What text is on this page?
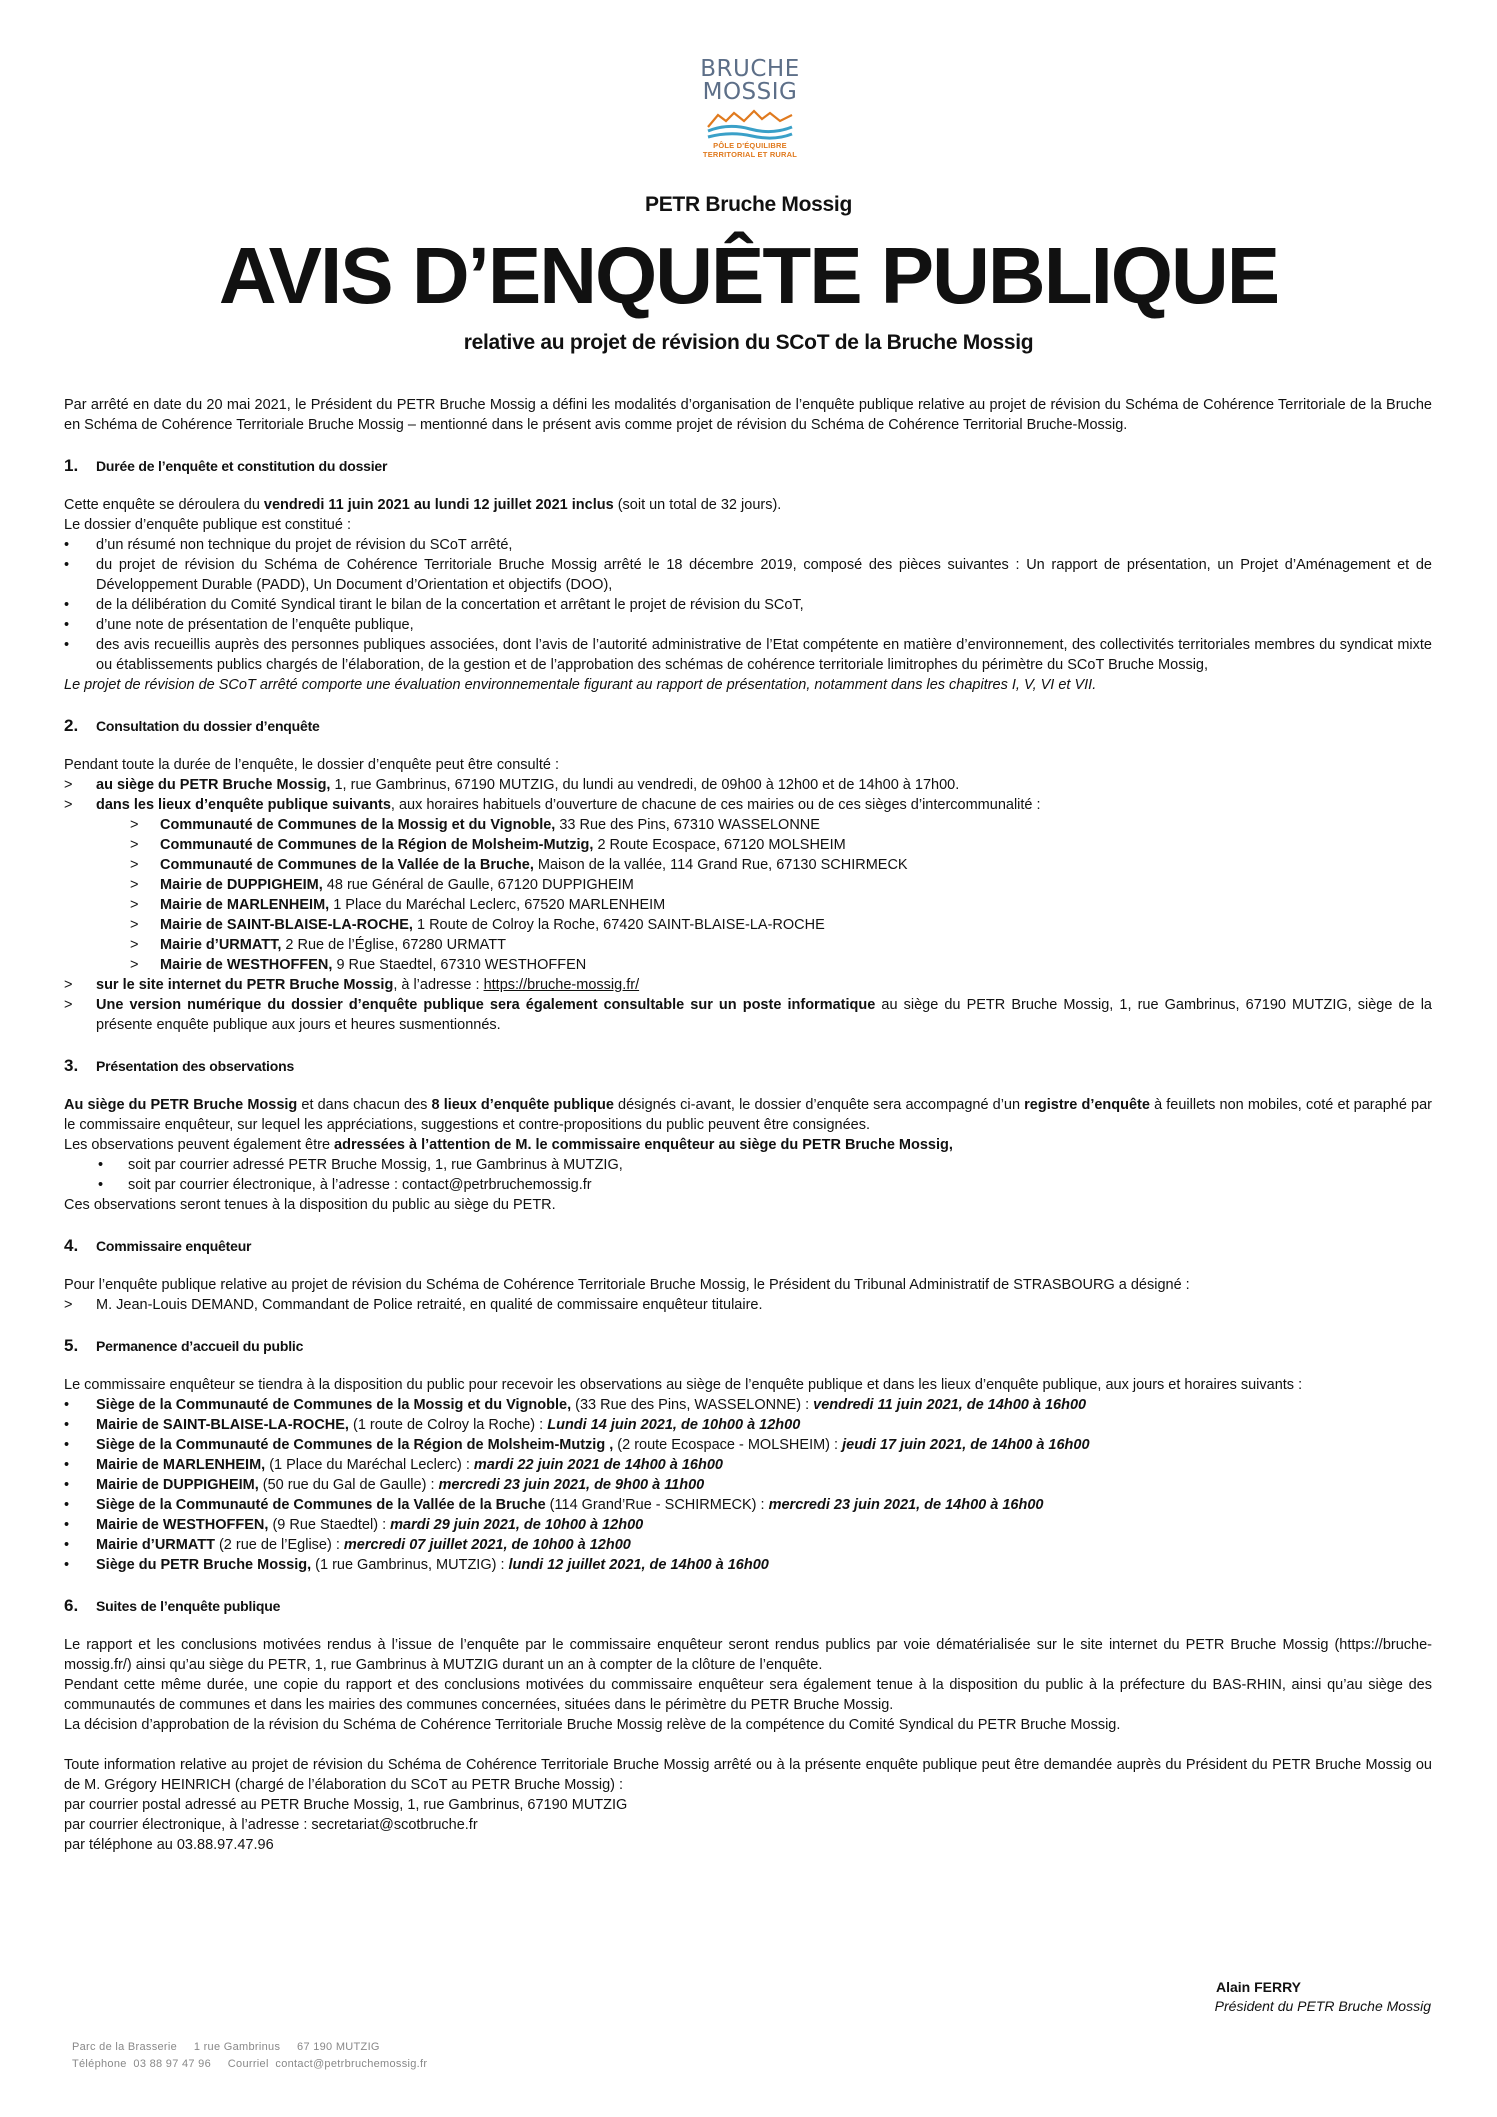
BRUCHE
MOSSIG
PÔLE D'ÉQUILIBRE
TERRITORIAL ET RURAL
PETR Bruche Mossig
AVIS D’ENQUÊTE PUBLIQUE
relative au projet de révision du SCoT de la Bruche Mossig

Par arrêté en date du 20 mai 2021, le Président du PETR Bruche Mossig a défini les modalités d’organisation de l’enquête publique relative au projet de révision du Schéma de Cohérence Territoriale de la Bruche en Schéma de Cohérence Territoriale Bruche Mossig – mentionné dans le présent avis comme projet de révision du Schéma de Cohérence Territorial Bruche-Mossig.

1.	Durée de l’enquête et constitution du dossier

Cette enquête se déroulera du vendredi 11 juin 2021 au lundi 12 juillet 2021 inclus (soit un total de 32 jours).

Le dossier d’enquête publique est constitué :

• d’un résumé non technique du projet de révision du SCoT arrêté,
• du projet de révision du Schéma de Cohérence Territoriale Bruche Mossig arrêté le 18 décembre 2019, composé des pièces suivantes : Un rapport de présentation, un Projet d’Aménagement et de Développement Durable (PADD), Un Document d’Orientation et objectifs (DOO),
• de la délibération du Comité Syndical tirant le bilan de la concertation et arrêtant le projet de révision du SCoT,
• d’une note de présentation de l’enquête publique,
• des avis recueillis auprès des personnes publiques associées, dont l’avis de l’autorité administrative de l’Etat compétente en matière d’environnement, des collectivités territoriales membres du syndicat mixte ou établissements publics chargés de l’élaboration, de la gestion et de l’approbation des schémas de cohérence territoriale limitrophes du périmètre du SCoT Bruche Mossig,

Le projet de révision de SCoT arrêté comporte une évaluation environnementale figurant au rapport de présentation, notamment dans les chapitres I, V, VI et VII.

2.	Consultation du dossier d’enquête

Pendant toute la durée de l’enquête, le dossier d’enquête peut être consulté :

> au siège du PETR Bruche Mossig, 1, rue Gambrinus, 67190 MUTZIG, du lundi au vendredi, de 09h00 à 12h00 et de 14h00 à 17h00.
> dans les lieux d’enquête publique suivants, aux horaires habituels d’ouverture de chacune de ces mairies ou de ces sièges d’intercommunalité :
> Communauté de Communes de la Mossig et du Vignoble, 33 Rue des Pins, 67310 WASSELONNE
> Communauté de Communes de la Région de Molsheim-Mutzig, 2 Route Ecospace, 67120 MOLSHEIM
> Communauté de Communes de la Vallée de la Bruche, Maison de la vallée, 114 Grand Rue, 67130 SCHIRMECK
> Mairie de DUPPIGHEIM, 48 rue Général de Gaulle, 67120 DUPPIGHEIM
> Mairie de MARLENHEIM, 1 Place du Maréchal Leclerc, 67520 MARLENHEIM
> Mairie de SAINT-BLAISE-LA-ROCHE, 1 Route de Colroy la Roche, 67420 SAINT-BLAISE-LA-ROCHE
> Mairie d’URMATT, 2 Rue de l’Église, 67280 URMATT
> Mairie de WESTHOFFEN, 9 Rue Staedtel, 67310 WESTHOFFEN
> sur le site internet du PETR Bruche Mossig, à l’adresse : https://bruche-mossig.fr/
> Une version numérique du dossier d’enquête publique sera également consultable sur un poste informatique au siège du PETR Bruche Mossig, 1, rue Gambrinus, 67190 MUTZIG, siège de la présente enquête publique aux jours et heures susmentionnés.
3.	Présentation des observations

Au siège du PETR Bruche Mossig et dans chacun des 8 lieux d’enquête publique désignés ci-avant, le dossier d’enquête sera accompagné d’un registre d’enquête à feuillets non mobiles, coté et paraphé par le commissaire enquêteur, sur lequel les appréciations, suggestions et contre-propositions du public peuvent être consignées.

Les observations peuvent également être adressées à l’attention de M. le commissaire enquêteur au siège du PETR Bruche Mossig,

• soit par courrier adressé PETR Bruche Mossig, 1, rue Gambrinus à MUTZIG,
• soit par courrier électronique, à l’adresse : contact@petrbruchemossig.fr

Ces observations seront tenues à la disposition du public au siège du PETR.

4.	Commissaire enquêteur

Pour l’enquête publique relative au projet de révision du Schéma de Cohérence Territoriale Bruche Mossig, le Président du Tribunal Administratif de STRASBOURG a désigné :

> M. Jean-Louis DEMAND, Commandant de Police retraité, en qualité de commissaire enquêteur titulaire.
5.	Permanence d’accueil du public

Le commissaire enquêteur se tiendra à la disposition du public pour recevoir les observations au siège de l’enquête publique et dans les lieux d’enquête publique, aux jours et horaires suivants :

• Siège de la Communauté de Communes de la Mossig et du Vignoble, (33 Rue des Pins, WASSELONNE) : vendredi 11 juin 2021, de 14h00 à 16h00
• Mairie de SAINT-BLAISE-LA-ROCHE, (1 route de Colroy la Roche) : Lundi 14 juin 2021, de 10h00 à 12h00
• Siège de la Communauté de Communes de la Région de Molsheim-Mutzig , (2 route Ecospace - MOLSHEIM) : jeudi 17 juin 2021, de 14h00 à 16h00
• Mairie de MARLENHEIM, (1 Place du Maréchal Leclerc) : mardi 22 juin 2021 de 14h00 à 16h00
• Mairie de DUPPIGHEIM, (50 rue du Gal de Gaulle) : mercredi 23 juin 2021, de 9h00 à 11h00
• Siège de la Communauté de Communes de la Vallée de la Bruche (114 Grand’Rue - SCHIRMECK) : mercredi 23 juin 2021, de 14h00 à 16h00
• Mairie de WESTHOFFEN, (9 Rue Staedtel) : mardi 29 juin 2021, de 10h00 à 12h00
• Mairie d’URMATT (2 rue de l’Eglise) : mercredi 07 juillet 2021, de 10h00 à 12h00
• Siège du PETR Bruche Mossig, (1 rue Gambrinus, MUTZIG) : lundi 12 juillet 2021, de 14h00 à 16h00
6.	Suites de l’enquête publique

Le rapport et les conclusions motivées rendus à l’issue de l’enquête par le commissaire enquêteur seront rendus publics par voie dématérialisée sur le site internet du PETR Bruche Mossig (https://bruche-mossig.fr/) ainsi qu’au siège du PETR, 1, rue Gambrinus à MUTZIG durant un an à compter de la clôture de l’enquête.

Pendant cette même durée, une copie du rapport et des conclusions motivées du commissaire enquêteur sera également tenue à la disposition du public à la préfecture du BAS-RHIN, ainsi qu’au siège des communautés de communes et dans les mairies des communes concernées, situées dans le périmètre du PETR Bruche Mossig.

La décision d’approbation de la révision du Schéma de Cohérence Territoriale Bruche Mossig relève de la compétence du Comité Syndical du PETR Bruche Mossig.

Toute information relative au projet de révision du Schéma de Cohérence Territoriale Bruche Mossig arrêté ou à la présente enquête publique peut être demandée auprès du Président du PETR Bruche Mossig ou de M. Grégory HEINRICH (chargé de l’élaboration du SCoT au PETR Bruche Mossig) :

par courrier postal adressé au PETR Bruche Mossig, 1, rue Gambrinus, 67190 MUTZIG

par courrier électronique, à l’adresse : secretariat@scotbruche.fr

par téléphone au 03.88.97.47.96

Alain FERRY
Président du PETR Bruche Mossig
Parc de la Brasserie     1 rue Gambrinus     67 190 MUTZIG
Téléphone  03 88 97 47 96     Courriel  contact@petrbruchemossig.fr
